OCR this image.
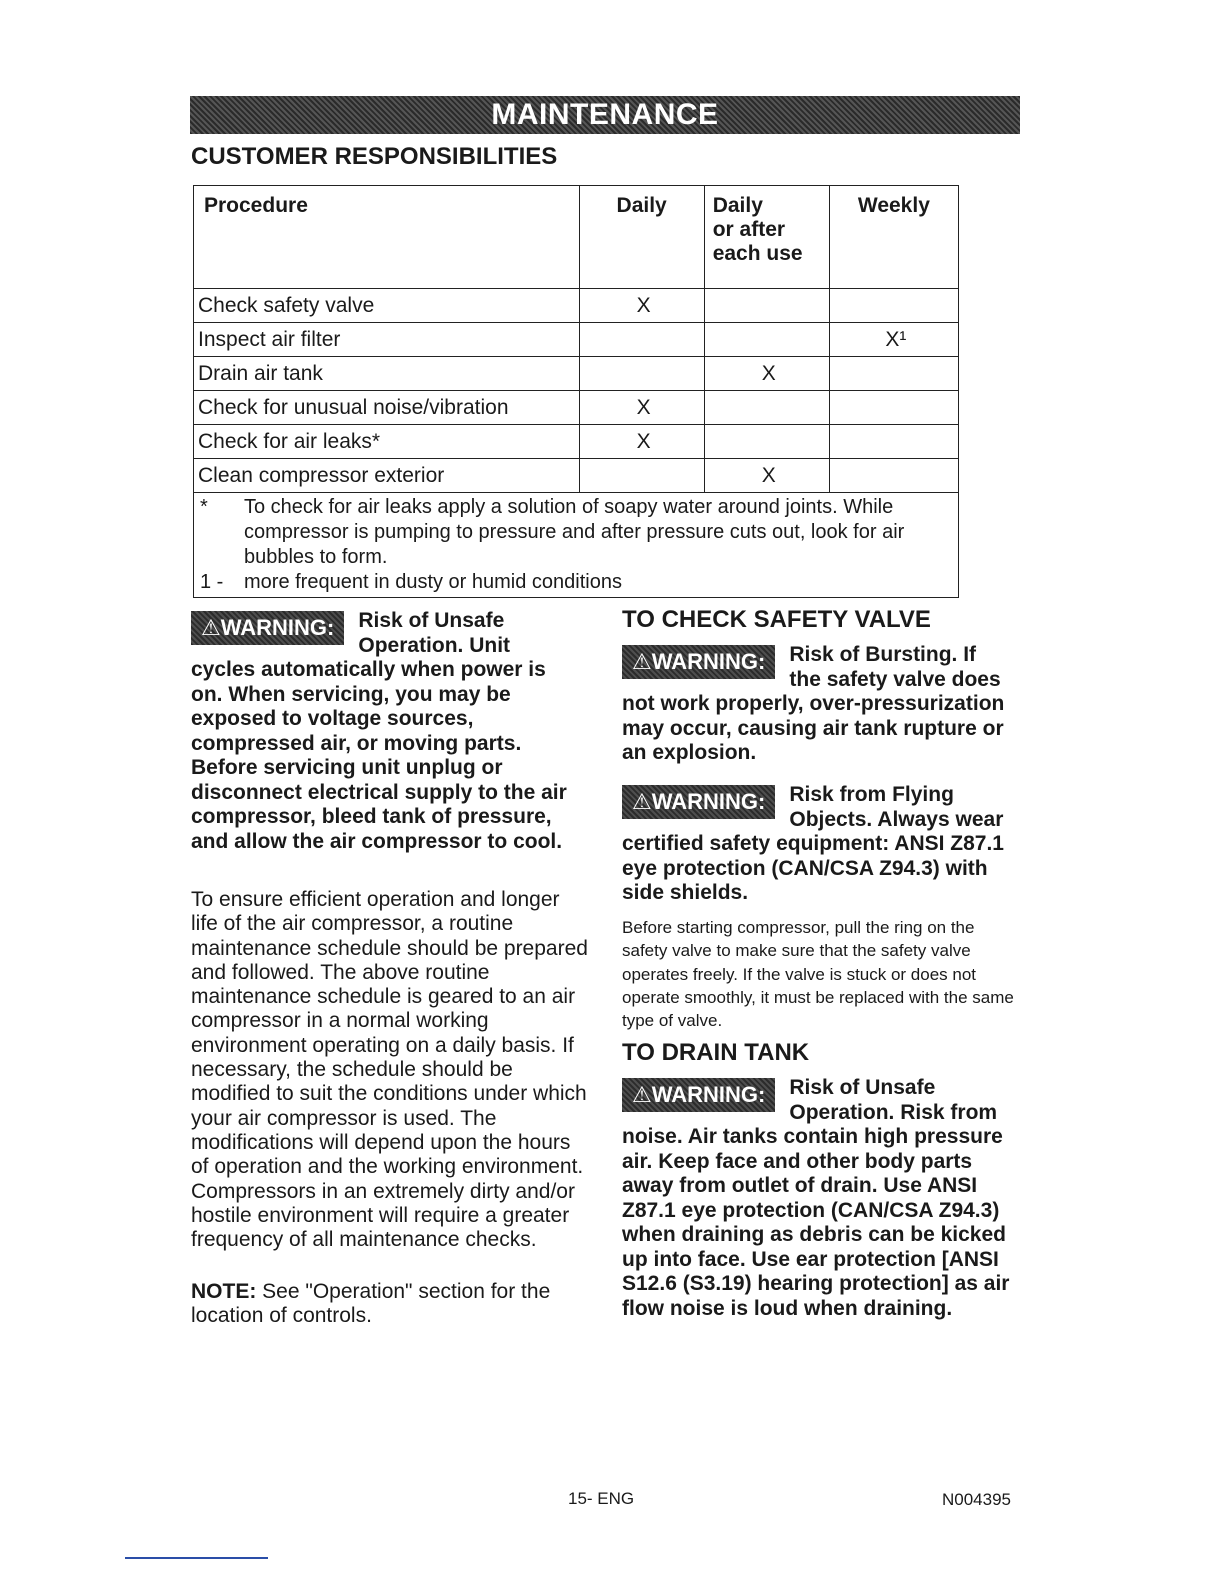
MAINTENANCE
CUSTOMER RESPONSIBILITIES
Procedure	Daily	Daily
or after
each use	Weekly
Check safety valve	X		
Inspect air filter			X¹
Drain air tank		X	
Check for unusual noise/vibration	X		
Check for air leaks*	X		
Clean compressor exterior		X	

* To check for air leaks apply a solution of soapy water around joints. While compressor is pumping to pressure and after pressure cuts out, look for air bubbles to form.
1 - more frequent in dusty or humid conditions			
⚠WARNING:	Risk of Unsafe Operation. Unit cycles automatically when power is on. When servicing, you may be exposed to voltage sources, compressed air, or moving parts. Before servicing unit unplug or disconnect electrical supply to the air compressor, bleed tank of pressure, and allow the air compressor to cool.
To ensure efficient operation and longer life of the air compressor, a routine maintenance schedule should be prepared and followed. The above routine maintenance schedule is geared to an air compressor in a normal working environment operating on a daily basis. If necessary, the schedule should be modified to suit the conditions under which your air compressor is used. The modifications will depend upon the hours of operation and the working environment. Compressors in an extremely dirty and/or hostile environment will require a greater frequency of all maintenance checks.
NOTE: See "Operation" section for the location of controls.
TO CHECK SAFETY VALVE
⚠WARNING:	Risk of Bursting. If the safety valve does not work properly, over-pressurization may occur, causing air tank rupture or an explosion.
⚠WARNING:	Risk from Flying Objects. Always wear certified safety equipment: ANSI Z87.1 eye protection (CAN/CSA Z94.3) with side shields.
Before starting compressor, pull the ring on the safety valve to make sure that the safety valve operates freely. If the valve is stuck or does not operate smoothly, it must be replaced with the same type of valve.
TO DRAIN TANK
⚠WARNING:	Risk of Unsafe Operation. Risk from noise. Air tanks contain high pressure air. Keep face and other body parts away from outlet of drain. Use ANSI Z87.1 eye protection (CAN/CSA Z94.3) when draining as debris can be kicked up into face. Use ear protection [ANSI S12.6 (S3.19) hearing protection] as air flow noise is loud when draining.
15- ENG	N004395
